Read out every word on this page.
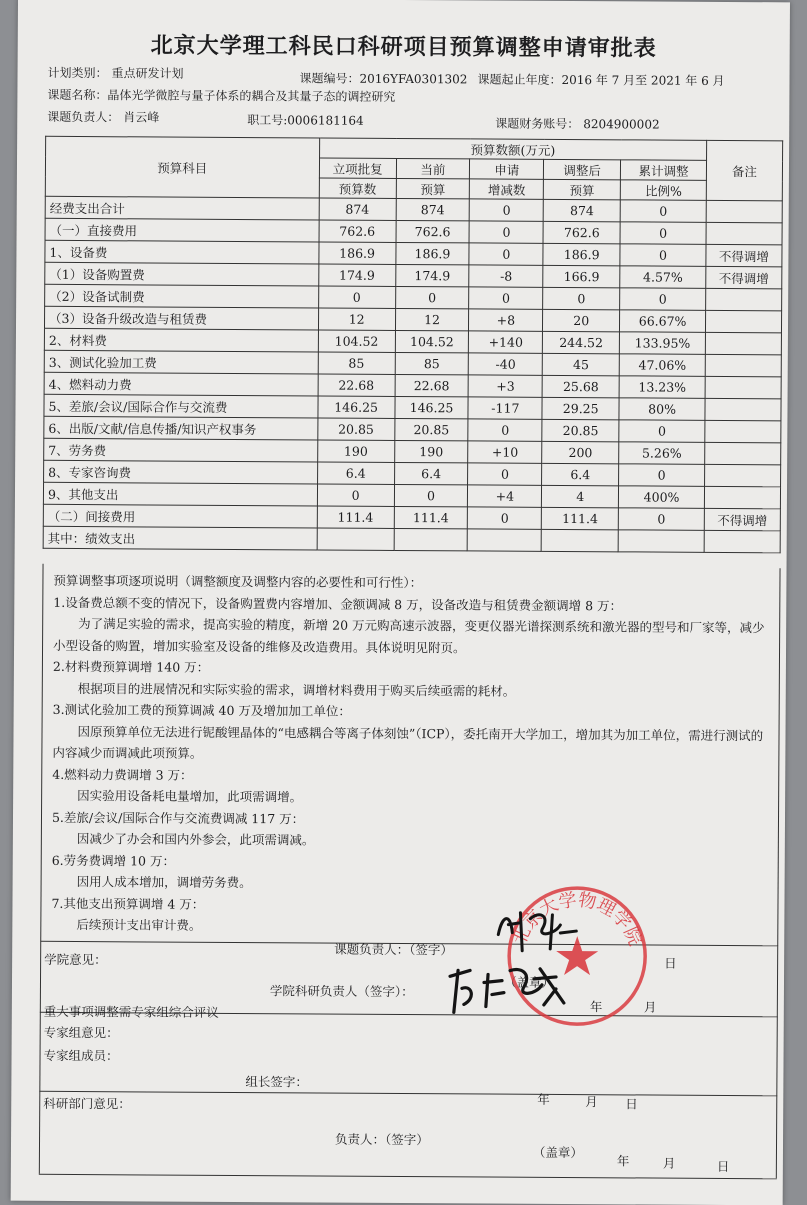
北京大学理工科民口科研项目预算调整申请审批表
计划类别： 重点研发计划	课题编号：2016YFA0301302 课题起止年度：2016 年 7 月至 2021 年 6 月
课题名称：晶体光学微腔与量子体系的耦合及其量子态的调控研究
课题负责人： 肖云峰	职工号:0006181164	课题财务账号： 8204900002
预算科目	预算数额(万元)					备注
	立项批复	当前	申请	调整后	累计调整	
	预算数	预算	增减数	预算	比例%	
经费支出合计	874	874	0	874	0	
（一）直接费用	762.6	762.6	0	762.6	0	
1、设备费	186.9	186.9	0	186.9	0	不得调增
（1）设备购置费	174.9	174.9	-8	166.9	4.57%	不得调增
（2）设备试制费	0	0	0	0	0	
（3）设备升级改造与租赁费	12	12	+8	20	66.67%	
2、材料费	104.52	104.52	+140	244.52	133.95%	
3、测试化验加工费	85	85	-40	45	47.06%	
4、燃料动力费	22.68	22.68	+3	25.68	13.23%	
5、差旅/会议/国际合作与交流费	146.25	146.25	-117	29.25	80%	
6、出版/文献/信息传播/知识产权事务	20.85	20.85	0	20.85	0	
7、劳务费	190	190	+10	200	5.26%	
8、专家咨询费	6.4	6.4	0	6.4	0	
9、其他支出	0	0	+4	4	400%	
（二）间接费用	111.4	111.4	0	111.4	0	不得调增
其中：绩效支出						
预算调整事项逐项说明（调整额度及调整内容的必要性和可行性）：
1.设备费总额不变的情况下，设备购置费内容增加、金额调减 8 万，设备改造与租赁费金额调增 8 万：
为了满足实验的需求，提高实验的精度，新增 20 万元购高速示波器，变更仪器光谱探测系统和激光器的型号和厂家等，减少小型设备的购置，增加实验室及设备的维修及改造费用。具体说明见附页。
2.材料费预算调增 140 万：
根据项目的进展情况和实际实验的需求，调增材料费用于购买后续亟需的耗材。
3.测试化验加工费的预算调减 40 万及增加加工单位：
因原预算单位无法进行铌酸锂晶体的“电感耦合等离子体刻蚀”（ICP），委托南开大学加工，增加其为加工单位，需进行测试的内容减少而调减此项预算。
4.燃料动力费调增 3 万：
因实验用设备耗电量增加，此项需调增。
5.差旅/会议/国际合作与交流费调减 117 万：
因减少了办会和国内外参会，此项需调减。
6.劳务费调增 10 万：
因用人成本增加，调增劳务费。
7.其他支出预算调增 4 万：
后续预计支出审计费。
课题负责人：（签字）
日
学院意见：
学院科研负责人（签字）：
（盖章）
年	月
重大事项调整需专家组综合评议
专家组意见：
专家组成员：
组长签字：
年	月 日
科研部门意见：
负责人：（签字）
（盖章）
年	月	日
北京大学物理学院
